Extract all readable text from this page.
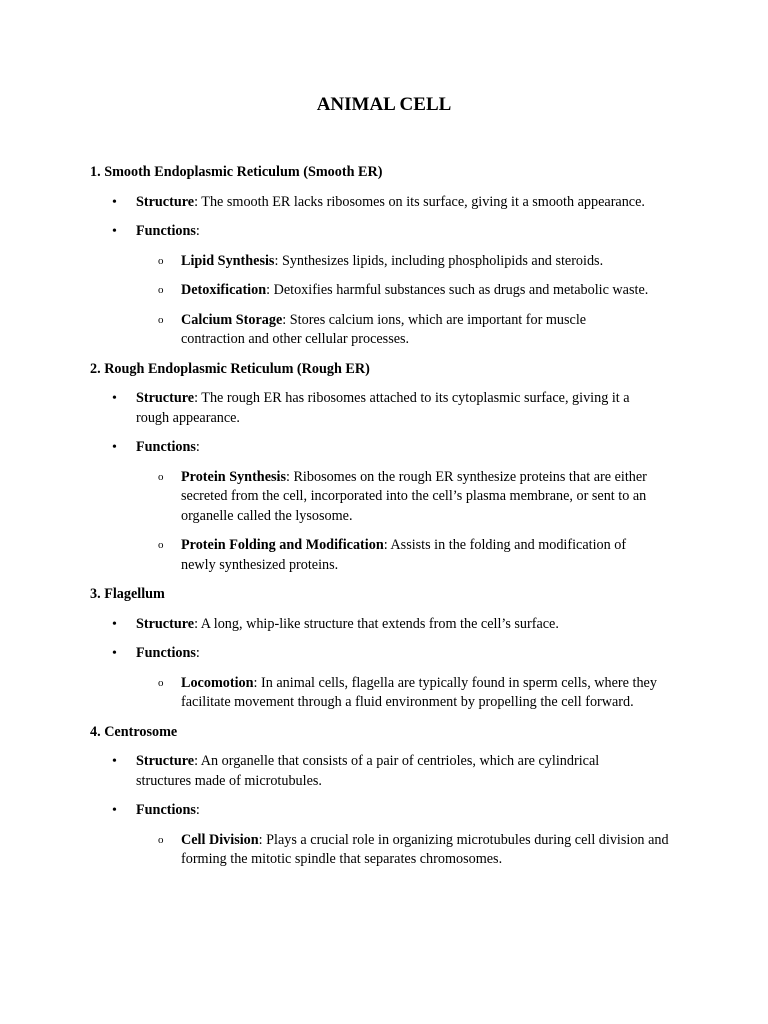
ANIMAL CELL
1. Smooth Endoplasmic Reticulum (Smooth ER)
• Structure: The smooth ER lacks ribosomes on its surface, giving it a smooth appearance.
• Functions:
o Lipid Synthesis: Synthesizes lipids, including phospholipids and steroids.
o Detoxification: Detoxifies harmful substances such as drugs and metabolic waste.
o Calcium Storage: Stores calcium ions, which are important for muscle contraction and other cellular processes.
2. Rough Endoplasmic Reticulum (Rough ER)
• Structure: The rough ER has ribosomes attached to its cytoplasmic surface, giving it a rough appearance.
• Functions:
o Protein Synthesis: Ribosomes on the rough ER synthesize proteins that are either secreted from the cell, incorporated into the cell’s plasma membrane, or sent to an organelle called the lysosome.
o Protein Folding and Modification: Assists in the folding and modification of newly synthesized proteins.
3. Flagellum
• Structure: A long, whip-like structure that extends from the cell’s surface.
• Functions:
o Locomotion: In animal cells, flagella are typically found in sperm cells, where they facilitate movement through a fluid environment by propelling the cell forward.
4. Centrosome
• Structure: An organelle that consists of a pair of centrioles, which are cylindrical structures made of microtubules.
• Functions:
o Cell Division: Plays a crucial role in organizing microtubules during cell division and forming the mitotic spindle that separates chromosomes.
